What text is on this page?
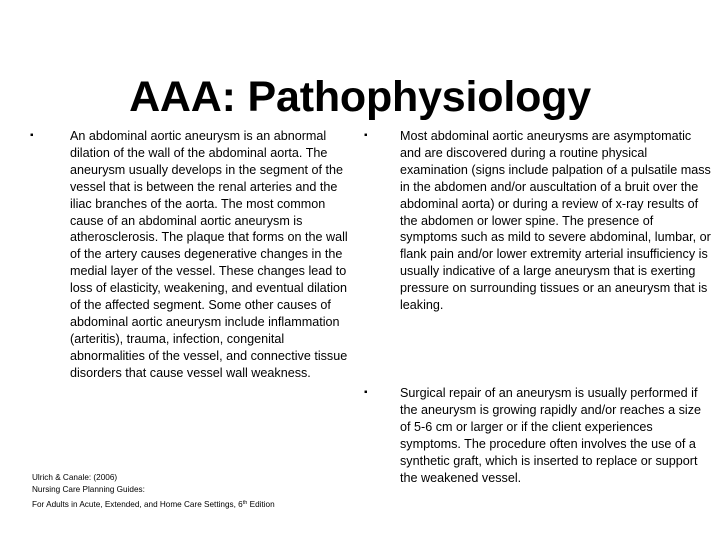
AAA: Pathophysiology
▪	An abdominal aortic aneurysm is an abnormal dilation of the wall of the abdominal aorta. The aneurysm usually develops in the segment of the vessel that is between the renal arteries and the iliac branches of the aorta. The most common cause of an abdominal aortic aneurysm is atherosclerosis. The plaque that forms on the wall of the artery causes degenerative changes in the medial layer of the vessel. These changes lead to loss of elasticity, weakening, and eventual dilation of the affected segment. Some other causes of abdominal aortic aneurysm include inflammation (arteritis), trauma, infection, congenital abnormalities of the vessel, and connective tissue disorders that cause vessel wall weakness.

Ulrich & Canale: (2006)
Nursing Care Planning Guides:
For Adults in Acute, Extended, and Home Care Settings, 6th Edition
▪	Most abdominal aortic aneurysms are asymptomatic and are discovered during a routine physical examination (signs include palpation of a pulsatile mass in the abdomen and/or auscultation of a bruit over the abdominal aorta) or during a review of x-ray results of the abdomen or lower spine. The presence of symptoms such as mild to severe abdominal, lumbar, or flank pain and/or lower extremity arterial insufficiency is usually indicative of a large aneurysm that is exerting pressure on surrounding tissues or an aneurysm that is leaking.

▪	Surgical repair of an aneurysm is usually performed if the aneurysm is growing rapidly and/or reaches a size of 5-6 cm or larger or if the client experiences symptoms. The procedure often involves the use of a synthetic graft, which is inserted to replace or support the weakened vessel.
